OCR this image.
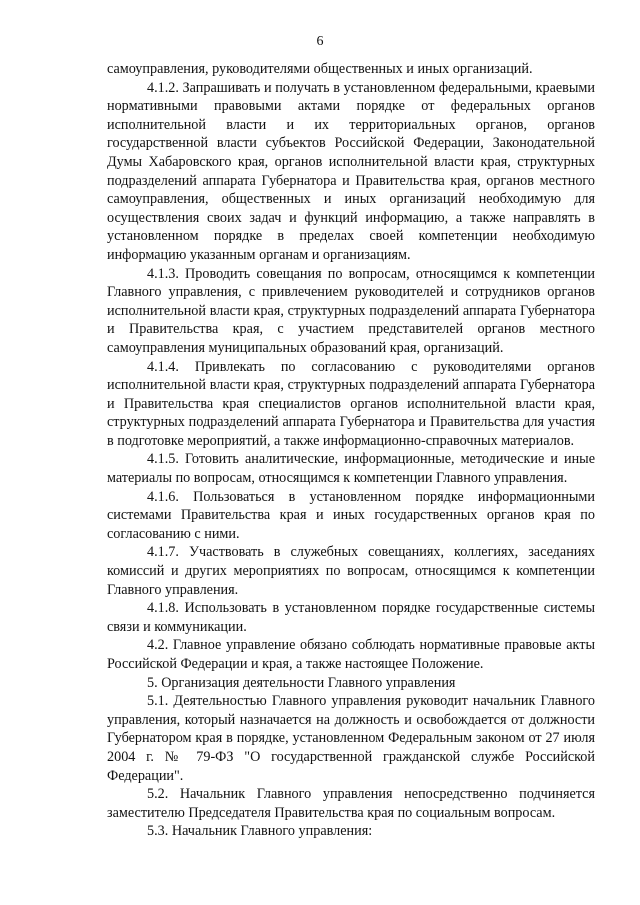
6

самоуправления, руководителями общественных и иных организаций.

4.1.2. Запрашивать и получать в установленном федеральными, краевыми нормативными правовыми актами порядке от федеральных органов исполнительной власти и их территориальных органов, органов государственной власти субъектов Российской Федерации, Законодательной Думы Хабаровского края, органов исполнительной власти края, структурных подразделений аппарата Губернатора и Правительства края, органов местного самоуправления, общественных и иных организаций необходимую для осуществления своих задач и функций информацию, а также направлять в установленном порядке в пределах своей компетенции необходимую информацию указанным органам и организациям.

4.1.3. Проводить совещания по вопросам, относящимся к компетенции Главного управления, с привлечением руководителей и сотрудников органов исполнительной власти края, структурных подразделений аппарата Губернатора и Правительства края, с участием представителей органов местного самоуправления муниципальных образований края, организаций.

4.1.4. Привлекать по согласованию с руководителями органов исполнительной власти края, структурных подразделений аппарата Губернатора и Правительства края специалистов органов исполнительной власти края, структурных подразделений аппарата Губернатора и Правительства для участия в подготовке мероприятий, а также информационно-справочных материалов.

4.1.5. Готовить аналитические, информационные, методические и иные материалы по вопросам, относящимся к компетенции Главного управления.

4.1.6. Пользоваться в установленном порядке информационными системами Правительства края и иных государственных органов края по согласованию с ними.

4.1.7. Участвовать в служебных совещаниях, коллегиях, заседаниях комиссий и других мероприятиях по вопросам, относящимся к компетенции Главного управления.

4.1.8. Использовать в установленном порядке государственные системы связи и коммуникации.

4.2. Главное управление обязано соблюдать нормативные правовые акты Российской Федерации и края, а также настоящее Положение.

5. Организация деятельности Главного управления

5.1. Деятельностью Главного управления руководит начальник Главного управления, который назначается на должность и освобождается от должности Губернатором края в порядке, установленном Федеральным законом от 27 июля 2004 г. № 79-ФЗ "О государственной гражданской службе Российской Федерации".

5.2. Начальник Главного управления непосредственно подчиняется заместителю Председателя Правительства края по социальным вопросам.

5.3. Начальник Главного управления:
